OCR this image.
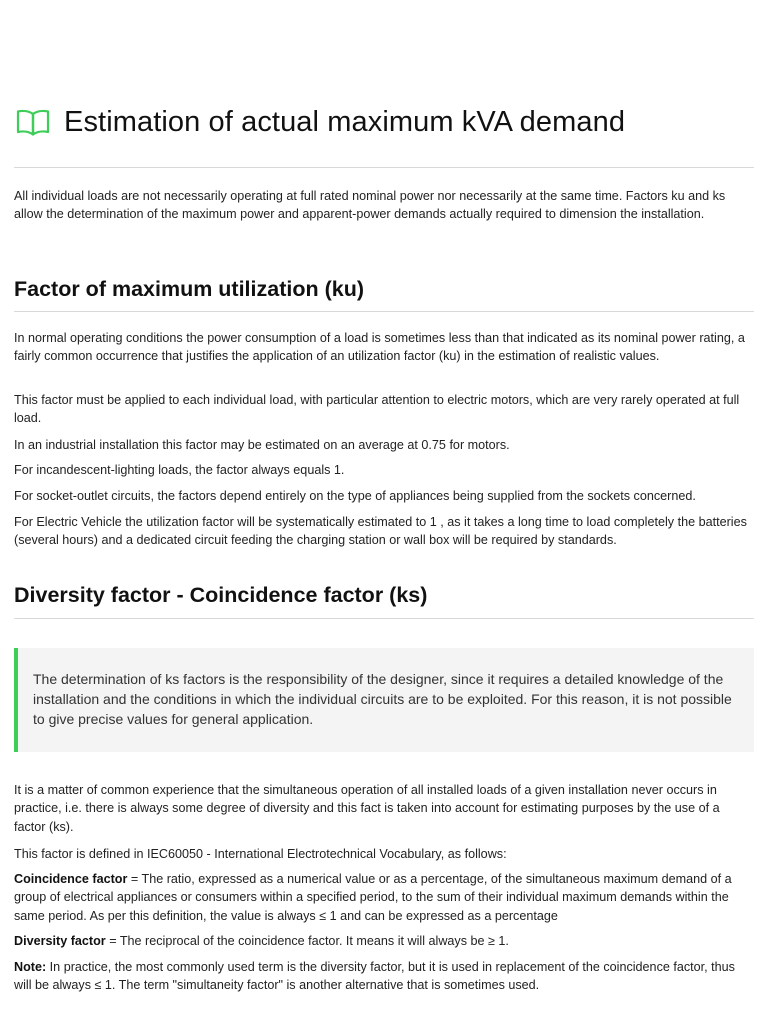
Estimation of actual maximum kVA demand

All individual loads are not necessarily operating at full rated nominal power nor necessarily at the same time. Factors ku and ks allow the determination of the maximum power and apparent-power demands actually required to dimension the installation.

Factor of maximum utilization (ku)

In normal operating conditions the power consumption of a load is sometimes less than that indicated as its nominal power rating, a fairly common occurrence that justifies the application of an utilization factor (ku) in the estimation of realistic values.

This factor must be applied to each individual load, with particular attention to electric motors, which are very rarely operated at full load.

In an industrial installation this factor may be estimated on an average at 0.75 for motors.

For incandescent-lighting loads, the factor always equals 1.

For socket-outlet circuits, the factors depend entirely on the type of appliances being supplied from the sockets concerned.

For Electric Vehicle the utilization factor will be systematically estimated to 1 , as it takes a long time to load completely the batteries (several hours) and a dedicated circuit feeding the charging station or wall box will be required by standards.

Diversity factor - Coincidence factor (ks)

The determination of ks factors is the responsibility of the designer, since it requires a detailed knowledge of the installation and the conditions in which the individual circuits are to be exploited. For this reason, it is not possible to give precise values for general application.

It is a matter of common experience that the simultaneous operation of all installed loads of a given installation never occurs in practice, i.e. there is always some degree of diversity and this fact is taken into account for estimating purposes by the use of a factor (ks).

This factor is defined in IEC60050 - International Electrotechnical Vocabulary, as follows:

Coincidence factor = The ratio, expressed as a numerical value or as a percentage, of the simultaneous maximum demand of a group of electrical appliances or consumers within a specified period, to the sum of their individual maximum demands within the same period. As per this definition, the value is always ≤ 1 and can be expressed as a percentage

Diversity factor = The reciprocal of the coincidence factor. It means it will always be ≥ 1.

Note: In practice, the most commonly used term is the diversity factor, but it is used in replacement of the coincidence factor, thus will be always ≤ 1. The term "simultaneity factor" is another alternative that is sometimes used.
